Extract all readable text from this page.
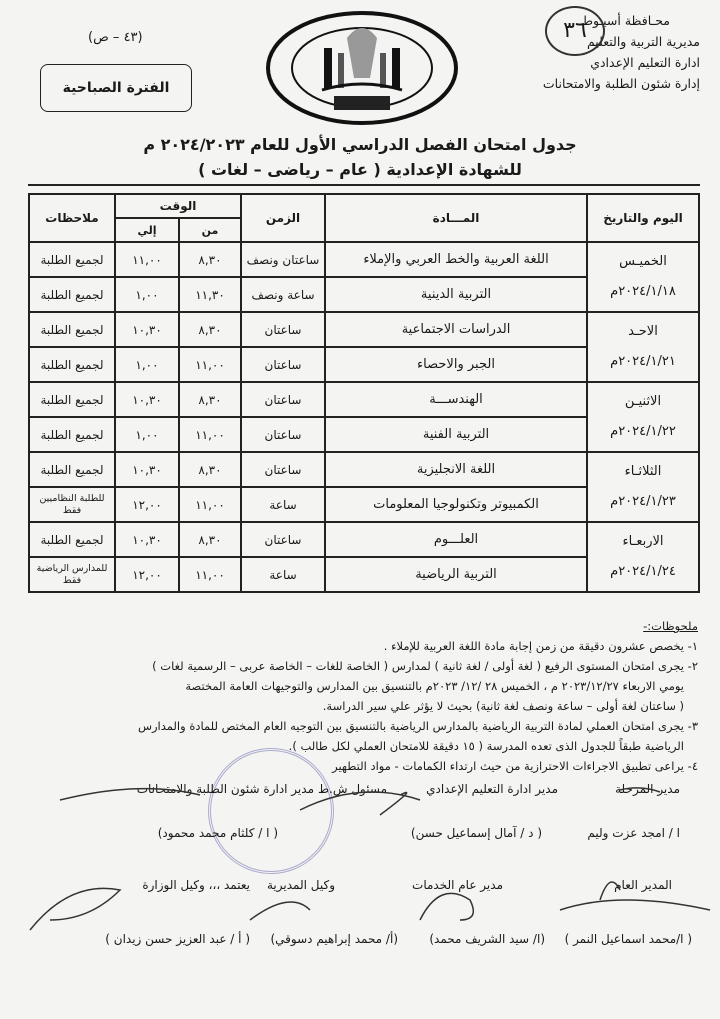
محـافظة أسيـوط
مديرية التربية والتعليم
ادارة التعليم الإعدادي
إدارة شئون الطلبة والامتحانات
٣٦
(٤٣ – ص)
الفترة الصباحية
جدول امتحان الفصل الدراسي الأول للعام ٢٠٢٤/٢٠٢٣ م
للشهادة الإعدادية ( عام – رياضى – لغات )
اليوم والتاريخ	المـــادة	الزمن	الوقت		ملاحظات
			من	إلي	

الخميـس
٢٠٢٤/١/١٨م	اللغة العربية والخط العربي والإملاء	ساعتان ونصف	٨,٣٠	١١,٠٠	لجميع الطلبة
	التربية الدينية	ساعة ونصف	١١,٣٠	١,٠٠	لجميع الطلبة

الاحـد
٢٠٢٤/١/٢١م	الدراسات الاجتماعية	ساعتان	٨,٣٠	١٠,٣٠	لجميع الطلبة
	الجبر والاحصاء	ساعتان	١١,٠٠	١,٠٠	لجميع الطلبة

الاثنيـن
٢٠٢٤/١/٢٢م	الهندســـة	ساعتان	٨,٣٠	١٠,٣٠	لجميع الطلبة
	التربية الفنية	ساعتان	١١,٠٠	١,٠٠	لجميع الطلبة

الثلاثـاء
٢٠٢٤/١/٢٣م	اللغة الانجليزية	ساعتان	٨,٣٠	١٠,٣٠	لجميع الطلبة
	الكمبيوتر وتكنولوجيا المعلومات	ساعة	١١,٠٠	١٢,٠٠	للطلبة النظاميين فقط

الاربعـاء
٢٠٢٤/١/٢٤م	العلـــوم	ساعتان	٨,٣٠	١٠,٣٠	لجميع الطلبة
	التربية الرياضية	ساعة	١١,٠٠	١٢,٠٠	للمدارس الرياضية فقط
ملحوظات:-
١- يخصص عشرون دقيقة من زمن إجابة مادة اللغة العربية للإملاء .
٢- يجرى امتحان المستوى الرفيع ( لغة أولى / لغة ثانية ) لمدارس ( الخاصة للغات – الخاصة عربى – الرسمية لغات )
يومي الاربعاء ٢٠٢٣/١٢/٢٧ م ، الخميس ٢٨ /١٢/ ٢٠٢٣م بالتنسيق بين المدارس والتوجيهات العامة المختصة
( ساعتان لغة أولى – ساعة ونصف لغة ثانية) بحيث لا يؤثر علي سير الدراسة.
٣- يجرى امتحان العملي لمادة التربية الرياضية بالمدارس الرياضية بالتنسيق بين التوجيه العام المختص للمادة والمدارس
الرياضية طبقاً للجدول الذى تعده المدرسة ( ١٥ دقيقة للامتحان العملي لكل طالب ).
٤- يراعى تطبيق الاجراءات الاحترازية من حيث ارتداء الكمامات - مواد التطهير
مدير المرحلة
ا / امجد عزت وليم
مدير ادارة التعليم الإعدادي
(د / آمال إسماعيل حسن )
مسئول ش.ط
مدير ادارة شئون الطلبة والامتحانات
(ا / كلثام محمد محمود )
المدير العام
( ا/محمد اسماعيل النمر )
مدير عام الخدمات
(ا/ سيد الشريف محمد)
وكيل المديرية
(أ/ محمد إبراهيم دسوقي)
يعتمد ،،، وكيل الوزارة
( أ / عبد العزيز حسن زيدان )
